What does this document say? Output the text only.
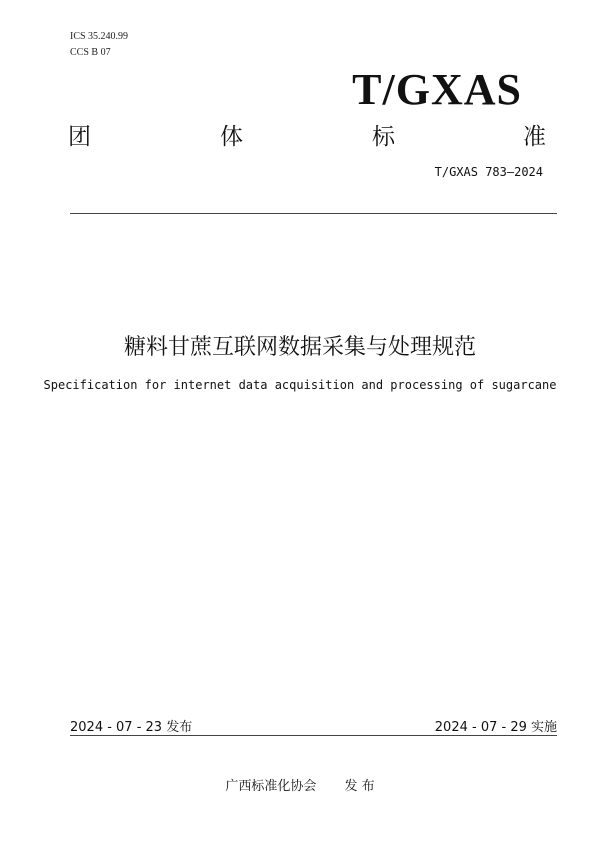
ICS 35.240.99
CCS B 07
T/GXAS
团	体	标	准
T/GXAS 783—2024
糖料甘蔗互联网数据采集与处理规范
Specification for internet data acquisition and processing of sugarcane
2024 - 07 - 23 发布	2024 - 07 - 29 实施
广西标准化协会 发 布
